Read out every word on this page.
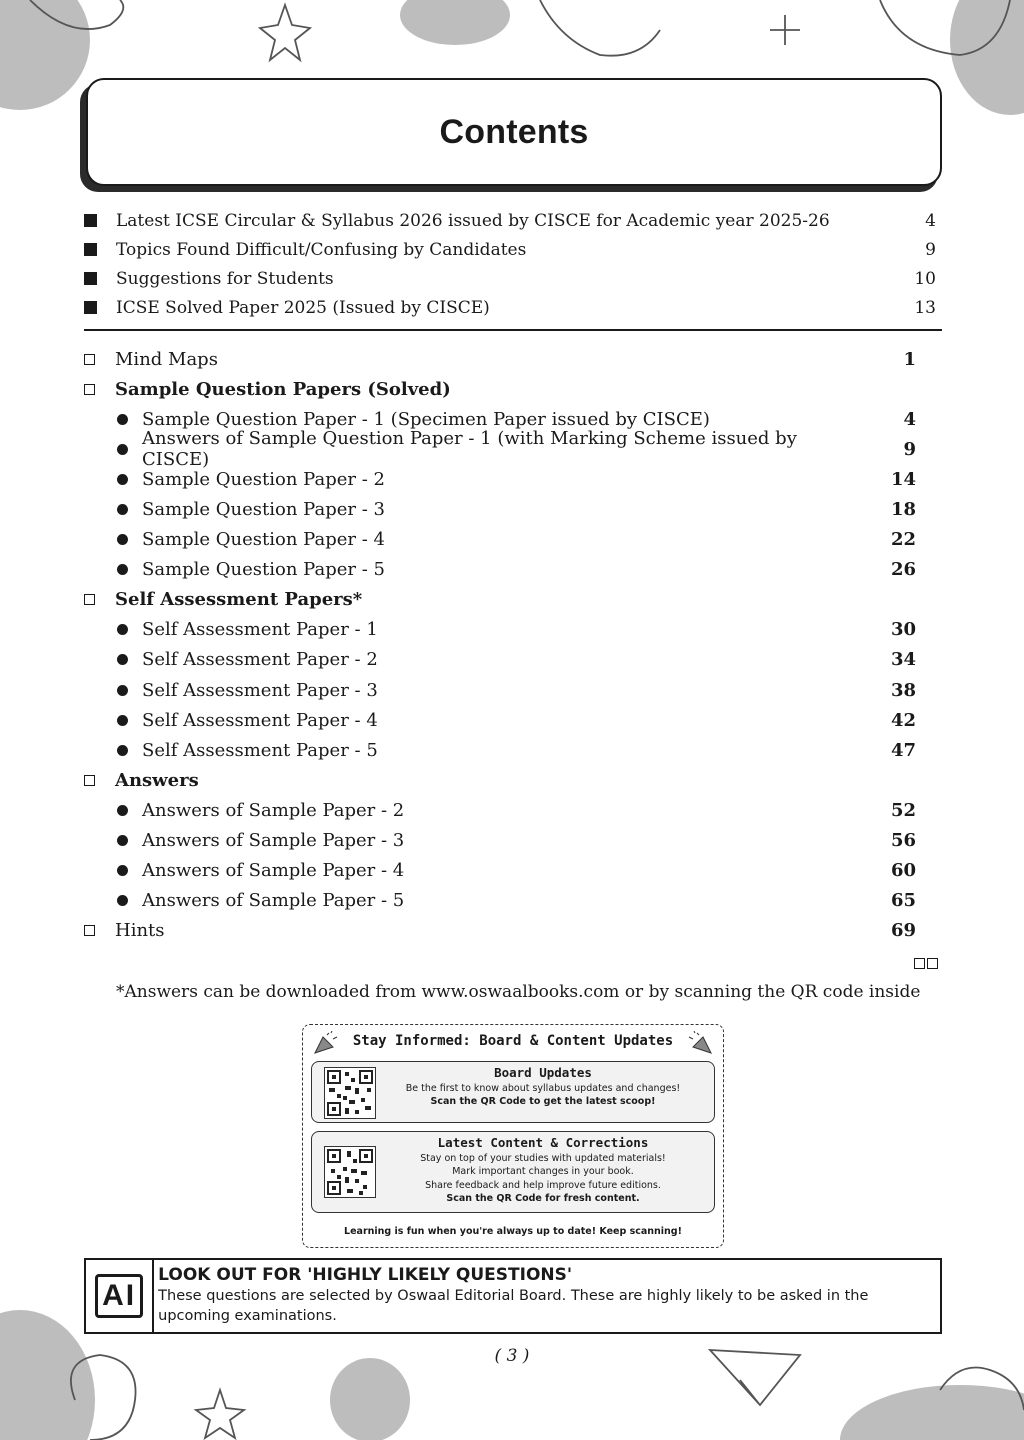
Contents
Latest ICSE Circular & Syllabus 2026 issued by CISCE for Academic year 2025-26	4
Topics Found Difficult/Confusing by Candidates	9
Suggestions for Students	10
ICSE Solved Paper 2025 (Issued by CISCE)	13
Mind Maps	1
Sample Question Papers (Solved)
Sample Question Paper - 1 (Specimen Paper issued by CISCE)	4
Answers of Sample Question Paper - 1 (with Marking Scheme issued by CISCE)	9
Sample Question Paper - 2	14
Sample Question Paper - 3	18
Sample Question Paper - 4	22
Sample Question Paper - 5	26
Self Assessment Papers*
Self Assessment Paper - 1	30
Self Assessment Paper - 2	34
Self Assessment Paper - 3	38
Self Assessment Paper - 4	42
Self Assessment Paper - 5	47
Answers
Answers of Sample Paper - 2	52
Answers of Sample Paper - 3	56
Answers of Sample Paper - 4	60
Answers of Sample Paper - 5	65
Hints	69
*Answers can be downloaded from www.oswaalbooks.com or by scanning the QR code inside
Stay Informed: Board & Content Updates
Board Updates
Be the first to know about syllabus updates and changes!
Scan the QR Code to get the latest scoop!
Latest Content & Corrections
Stay on top of your studies with updated materials!
Mark important changes in your book.
Share feedback and help improve future editions.
Scan the QR Code for fresh content.
Learning is fun when you're always up to date! Keep scanning!
AI
LOOK OUT FOR 'HIGHLY LIKELY QUESTIONS'
These questions are selected by Oswaal Editorial Board. These are highly likely to be asked in the upcoming examinations.
( 3 )
